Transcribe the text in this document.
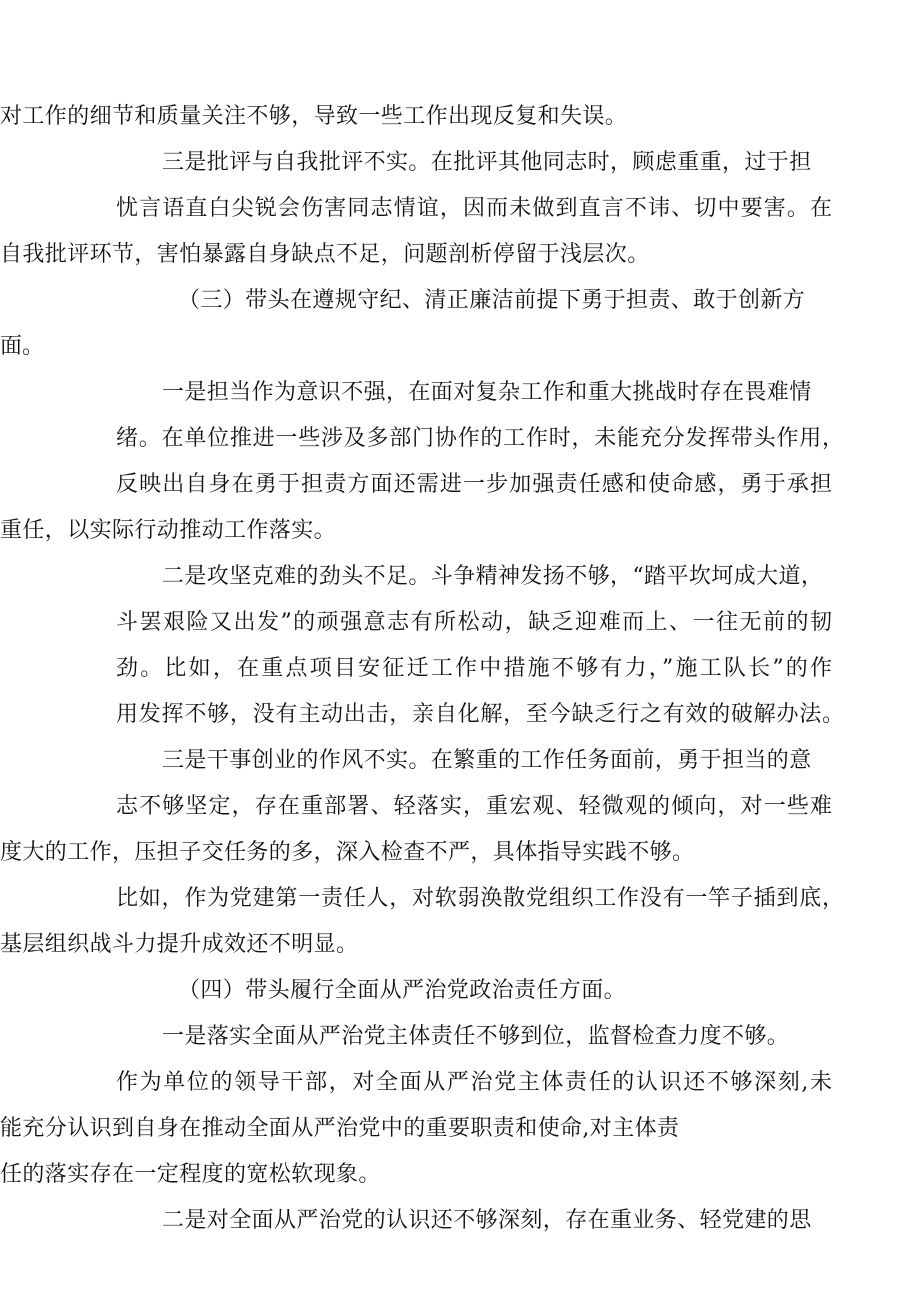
对工作的细节和质量关注不够，导致一些工作出现反复和失误。
三是批评与自我批评不实。在批评其他同志时，顾虑重重，过于担
忧言语直白尖锐会伤害同志情谊，因而未做到直言不讳、切中要害。在
自我批评环节，害怕暴露自身缺点不足，问题剖析停留于浅层次。
（三）带头在遵规守纪、清正廉洁前提下勇于担责、敢于创新方
面。
一是担当作为意识不强，在面对复杂工作和重大挑战时存在畏难情
绪。在单位推进一些涉及多部门协作的工作时，未能充分发挥带头作用，
反映出自身在勇于担责方面还需进一步加强责任感和使命感，勇于承担
重任，以实际行动推动工作落实。
二是攻坚克难的劲头不足。斗争精神发扬不够，“踏平坎坷成大道，
斗罢艰险又出发”的顽强意志有所松动，缺乏迎难而上、一往无前的韧
劲。比如，在重点项目安征迁工作中措施不够有力，”施工队长”的作
用发挥不够，没有主动出击，亲自化解，至今缺乏行之有效的破解办法。
三是干事创业的作风不实。在繁重的工作任务面前，勇于担当的意
志不够坚定，存在重部署、轻落实，重宏观、轻微观的倾向，对一些难
度大的工作，压担子交任务的多，深入检查不严，具体指导实践不够。
比如，作为党建第一责任人，对软弱涣散党组织工作没有一竿子插到底，
基层组织战斗力提升成效还不明显。
（四）带头履行全面从严治党政治责任方面。
一是落实全面从严治党主体责任不够到位，监督检查力度不够。
作为单位的领导干部，对全面从严治党主体责任的认识还不够深刻,未
能充分认识到自身在推动全面从严治党中的重要职责和使命,对主体责
任的落实存在一定程度的宽松软现象。
二是对全面从严治党的认识还不够深刻，存在重业务、轻党建的思
